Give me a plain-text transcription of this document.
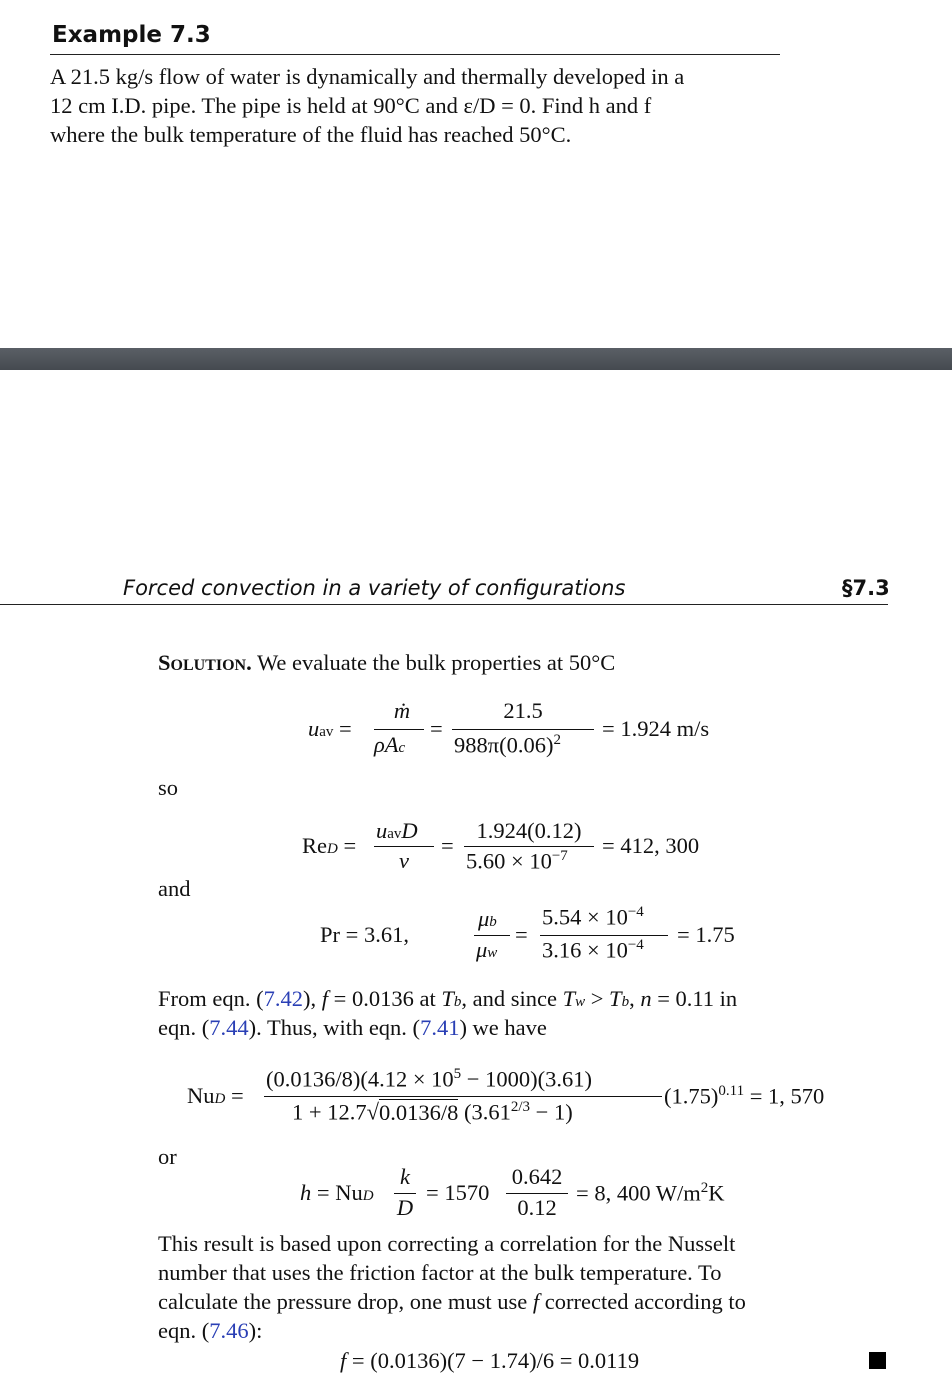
Example 7.3
A 21.5 kg/s flow of water is dynamically and thermally developed in a
12 cm I.D. pipe. The pipe is held at 90°C and ε/D = 0. Find h and f
where the bulk temperature of the fluid has reached 50°C.
Forced convection in a variety of configurations	§7.3
Solution. We evaluate the bulk properties at 50°C
uav =
ṁ
ρAc
=
21.5
$988\pi(0.06)^2 = 1.924$ m/s
so
ReD =
uavD
ν
=
1.924(0.12)
$5.60 \times 10^{-7} = 412$, 300
and
Pr = 3.61,
μb
μw
=
$5.54 \times 10^{-4}$
$3.16 \times 10^{-4} = 1.75$
From eqn. (7.42), f = 0.0136 at Tb, and since Tw > Tb, n = 0.11 in
eqn. (7.44). Thus, with eqn. (7.41) we have
NuD =
$(0.0136/8)(4.12 \times 10^5 - 1000)(3.61)$
1 + 12.7√0.0136/8 $(3.61^{2/3} - 1)$
$(1.75)^{0.11} = 1$, 570
or
h = NuD
k
D
= 1570
0.642
0.12
= 8, 400 $W/m^2K$
This result is based upon correcting a correlation for the Nusselt
number that uses the friction factor at the bulk temperature. To
calculate the pressure drop, one must use f corrected according to
eqn. (7.46):
f = (0.0136)(7 − 1.74)/6 = 0.0119
